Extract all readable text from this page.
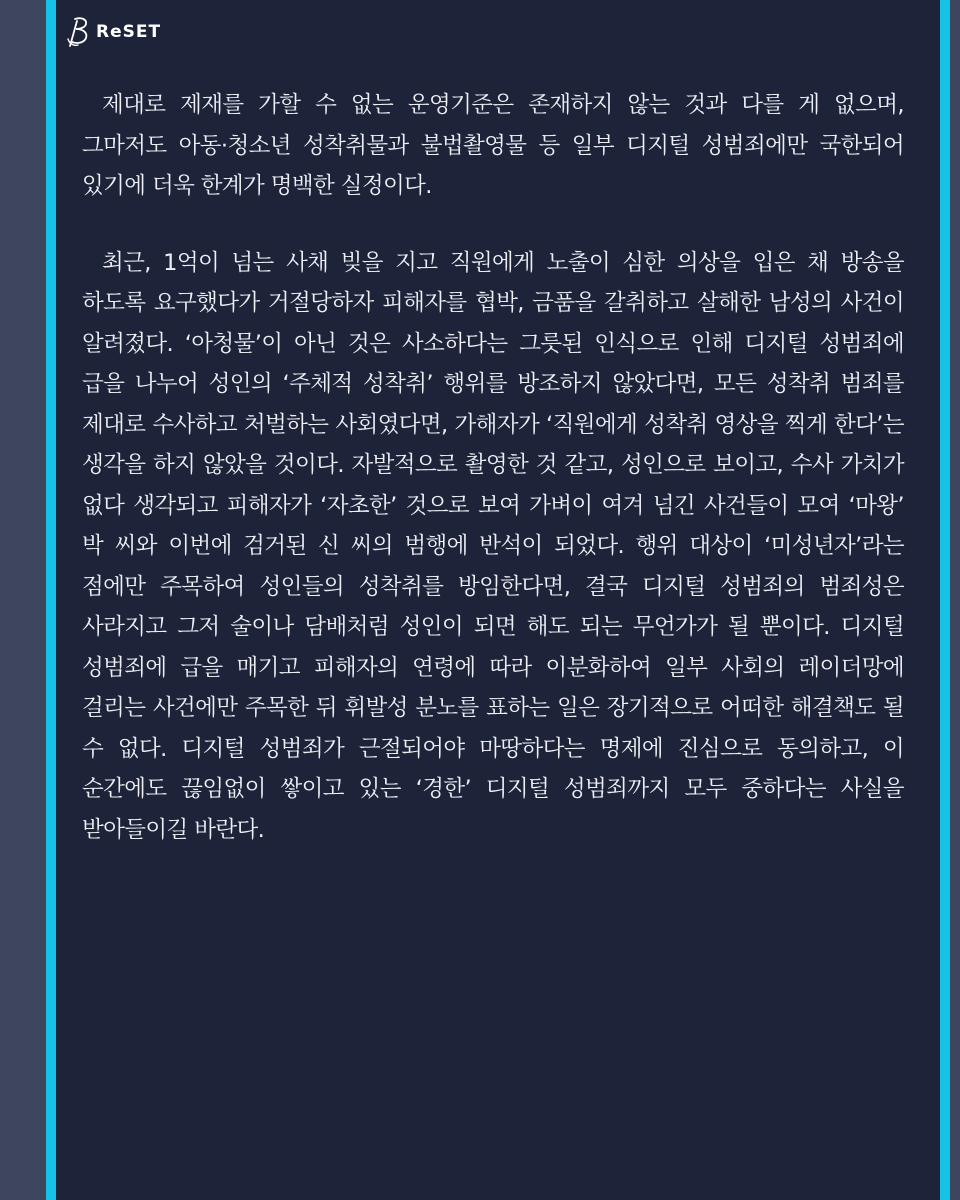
ReSET

제대로 제재를 가할 수 없는 운영기준은 존재하지 않는 것과 다를 게 없으며, 그마저도 아동·청소년 성착취물과 불법촬영물 등 일부 디지털 성범죄에만 국한되어 있기에 더욱 한계가 명백한 실정이다.

최근, 1억이 넘는 사채 빚을 지고 직원에게 노출이 심한 의상을 입은 채 방송을 하도록 요구했다가 거절당하자 피해자를 협박, 금품을 갈취하고 살해한 남성의 사건이 알려졌다. ‘아청물’이 아닌 것은 사소하다는 그릇된 인식으로 인해 디지털 성범죄에 급을 나누어 성인의 ‘주체적 성착취’ 행위를 방조하지 않았다면, 모든 성착취 범죄를 제대로 수사하고 처벌하는 사회였다면, 가해자가 ‘직원에게 성착취 영상을 찍게 한다’는 생각을 하지 않았을 것이다. 자발적으로 촬영한 것 같고, 성인으로 보이고, 수사 가치가 없다 생각되고 피해자가 ‘자초한’ 것으로 보여 가벼이 여겨 넘긴 사건들이 모여 ‘마왕’ 박 씨와 이번에 검거된 신 씨의 범행에 반석이 되었다. 행위 대상이 ‘미성년자’라는 점에만 주목하여 성인들의 성착취를 방임한다면, 결국 디지털 성범죄의 범죄성은 사라지고 그저 술이나 담배처럼 성인이 되면 해도 되는 무언가가 될 뿐이다. 디지털 성범죄에 급을 매기고 피해자의 연령에 따라 이분화하여 일부 사회의 레이더망에 걸리는 사건에만 주목한 뒤 휘발성 분노를 표하는 일은 장기적으로 어떠한 해결책도 될 수 없다. 디지털 성범죄가 근절되어야 마땅하다는 명제에 진심으로 동의하고, 이 순간에도 끊임없이 쌓이고 있는 ‘경한’ 디지털 성범죄까지 모두 중하다는 사실을 받아들이길 바란다.
